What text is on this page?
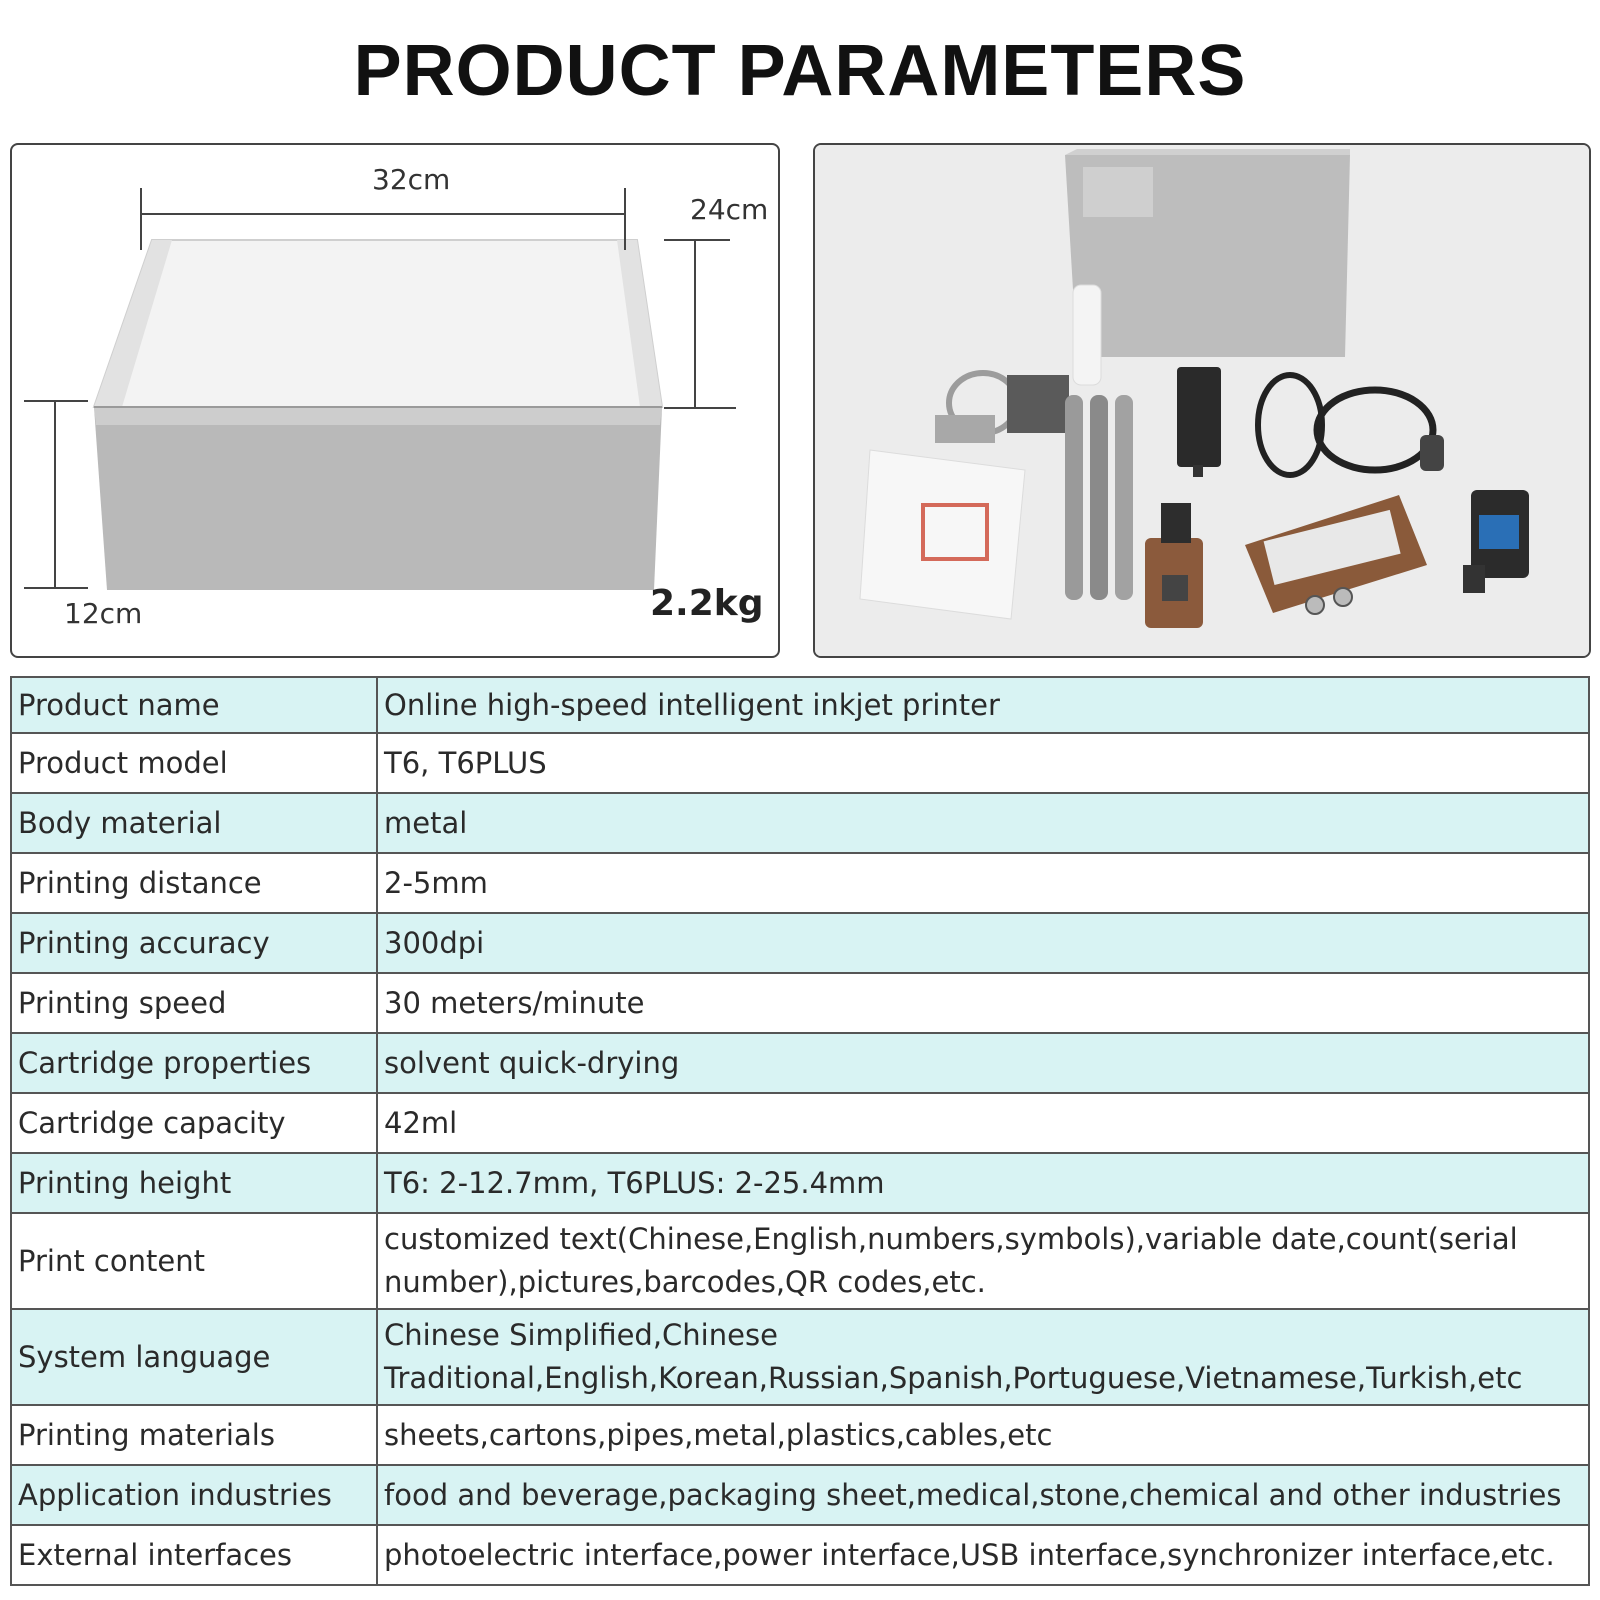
PRODUCT PARAMETERS
32cm
24cm
12cm	2.2kg
Product name	Online high-speed intelligent inkjet printer
Product model	T6, T6PLUS
Body material	metal
Printing distance	2-5mm
Printing accuracy	300dpi
Printing speed	30 meters/minute
Cartridge properties	solvent quick-drying
Cartridge capacity	42ml
Printing height	T6: 2-12.7mm, T6PLUS: 2-25.4mm
Print content	customized text(Chinese,English,numbers,symbols),variable date,count(serial number),pictures,barcodes,QR codes,etc.
System language	Chinese Simplified,Chinese Traditional,English,Korean,Russian,Spanish,Portuguese,Vietnamese,Turkish,etc
Printing materials	sheets,cartons,pipes,metal,plastics,cables,etc
Application industries	food and beverage,packaging sheet,medical,stone,chemical and other industries
External interfaces	photoelectric interface,power interface,USB interface,synchronizer interface,etc.
